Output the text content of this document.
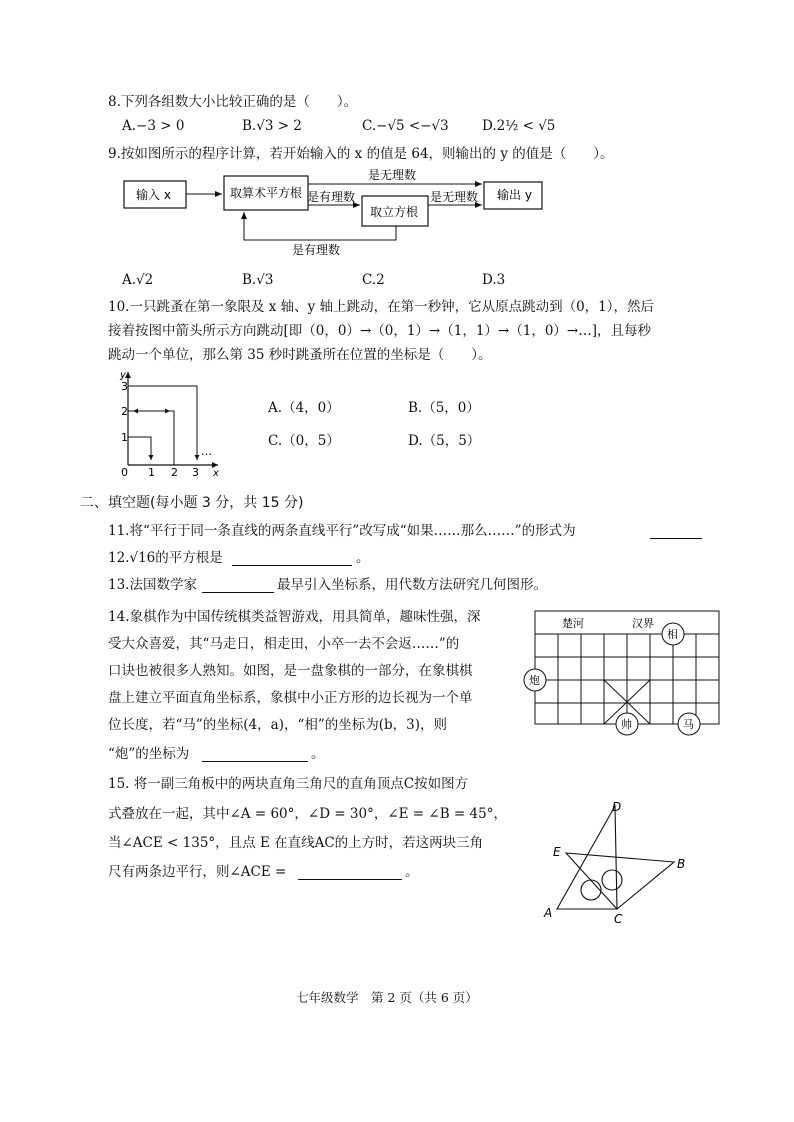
8.下列各组数大小比较正确的是（　　）。
A.−3 > 0	B.√3 > 2	C.−√5 <−√3 D.2½ < √5
9.按如图所示的程序计算，若开始输入的 x 的值是 64，则输出的 y 的值是（　　）。
输入 x	取算术平方根
取立方根
输出 y
是无理数
是有理数	是无理数
是有理数
A.√2	B.√3	C.2	D.3
10.一只跳蚤在第一象限及 x 轴、y 轴上跳动，在第一秒钟，它从原点跳动到（0，1），然后
接着按图中箭头所示方向跳动[即（0，0）→（0，1）→（1，1）→（1，0）→…]，且每秒
跳动一个单位，那么第 35 秒时跳蚤所在位置的坐标是（　　）。
y
3
2
1
0 1 2 3 x
…
A.（4，0）	B.（5，0）
C.（0，5）	D.（5，5）
二、填空题(每小题 3 分，共 15 分)
11.将“平行于同一条直线的两条直线平行”改写成“如果……那么……”的形式为
12.√16的平方根是	。
13.法国数学家	最早引入坐标系，用代数方法研究几何图形。
14.象棋作为中国传统棋类益智游戏，用具简单，趣味性强，深
受大众喜爱，其“马走日，相走田，小卒一去不会返……”的
口诀也被很多人熟知。如图，是一盘象棋的一部分，在象棋棋
盘上建立平面直角坐标系，象棋中小正方形的边长视为一个单
位长度，若“马”的坐标(4，a)，“相”的坐标为(b，3)，则
“炮”的坐标为	。
楚河	汉界
相
炮
帅	马
15. 将一副三角板中的两块直角三角尺的直角顶点C按如图方
式叠放在一起，其中∠A = 60°，∠D = 30°，∠E = ∠B = 45°，
当∠ACE < 135°，且点 E 在直线AC的上方时，若这两块三角
尺有两条边平行，则∠ACE =	。
A
B
C
D
E
七年级数学　第 2 页（共 6 页）
